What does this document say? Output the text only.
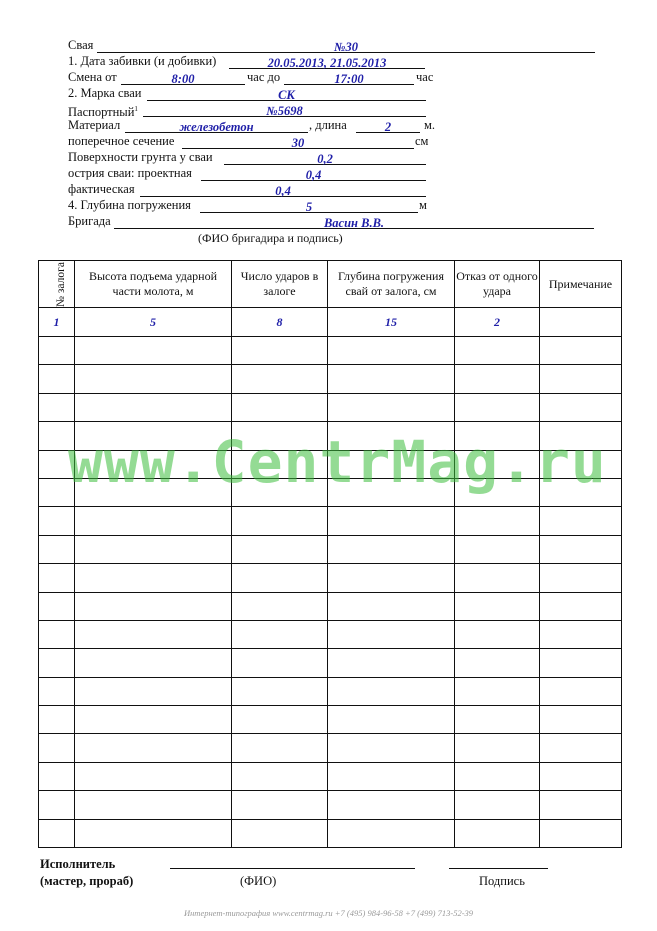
Свая	№30
1. Дата забивки (и добивки)	20.05.2013, 21.05.2013
Смена от	8:00	час до	17:00	час
2. Марка сваи	СК
Паспортный$^1$	№5698
Материал	железобетон	, длина	2	м.
поперечное сечение	30	см
Поверхности грунта у сваи	0,2
острия сваи: проектная	0,4
фактическая	0,4
4. Глубина погружения	5	м
Бригада	Васин В.В.
(ФИО бригадира и подпись)
№ залога	Высота подъема ударной части молота, м	Число ударов в залоге	Глубина погружения свай от залога, см	Отказ от одного удара	Примечание
1	5	8	15	2	

www.CentrMag.ru
Исполнитель
(мастер, прораб)	(ФИО)	Подпись
Интернет-типография www.centrmag.ru +7 (495) 984-96-58 +7 (499) 713-52-39
